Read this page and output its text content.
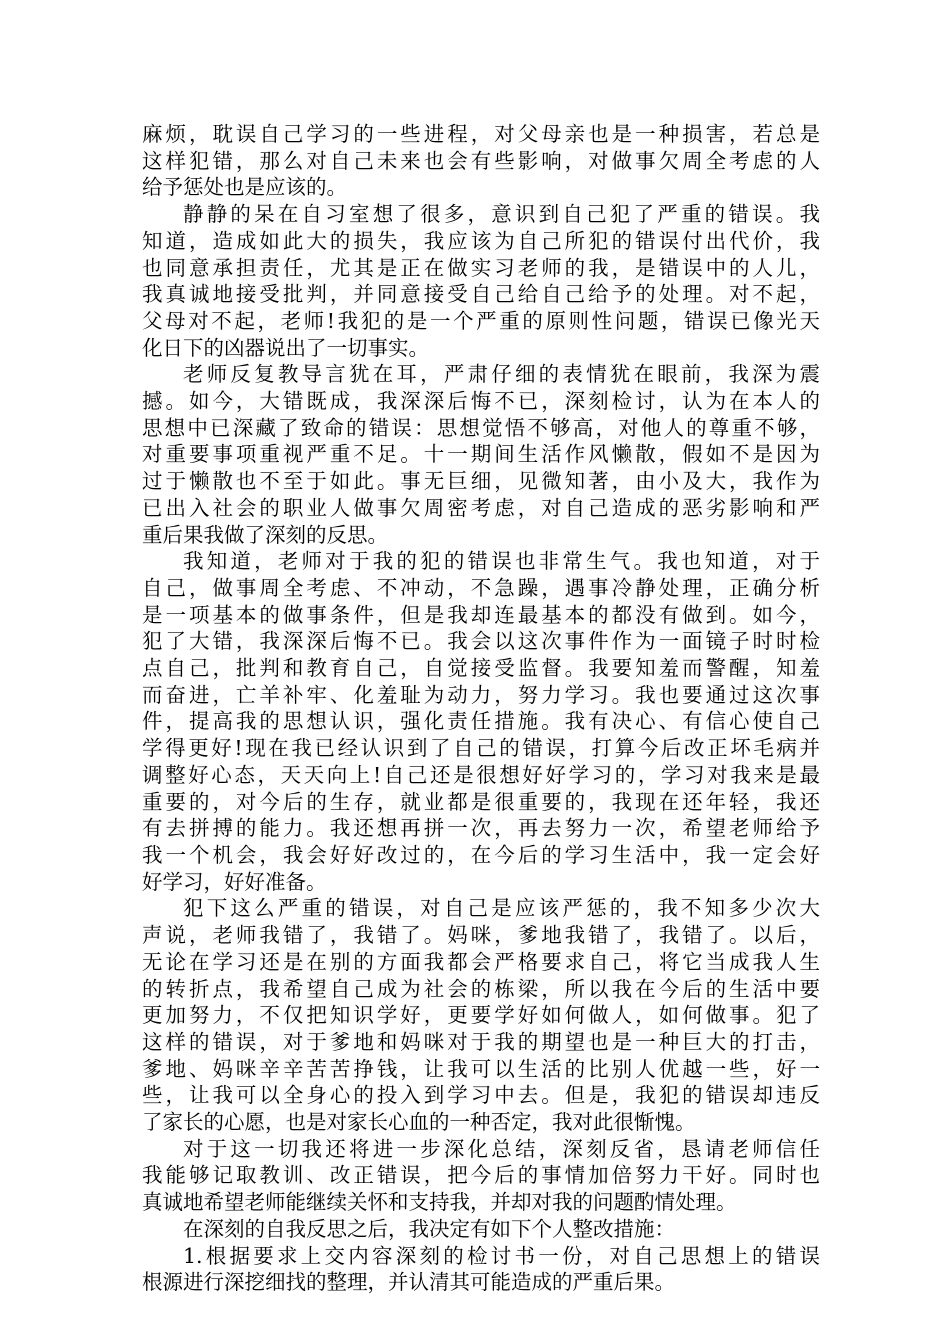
麻烦，耽误自己学习的一些进程，对父母亲也是一种损害，若总是
这样犯错，那么对自己未来也会有些影响，对做事欠周全考虑的人
给予惩处也是应该的。
静静的呆在自习室想了很多，意识到自己犯了严重的错误。我
知道，造成如此大的损失，我应该为自己所犯的错误付出代价，我
也同意承担责任，尤其是正在做实习老师的我，是错误中的人儿，
我真诚地接受批判，并同意接受自己给自己给予的处理。对不起，
父母对不起，老师!我犯的是一个严重的原则性问题，错误已像光天
化日下的凶器说出了一切事实。
老师反复教导言犹在耳，严肃仔细的表情犹在眼前，我深为震
撼。如今，大错既成，我深深后悔不已，深刻检讨，认为在本人的
思想中已深藏了致命的错误：思想觉悟不够高，对他人的尊重不够，
对重要事项重视严重不足。十一期间生活作风懒散，假如不是因为
过于懒散也不至于如此。事无巨细，见微知著，由小及大，我作为
已出入社会的职业人做事欠周密考虑，对自己造成的恶劣影响和严
重后果我做了深刻的反思。
我知道，老师对于我的犯的错误也非常生气。我也知道，对于
自己，做事周全考虑、不冲动，不急躁，遇事冷静处理，正确分析
是一项基本的做事条件，但是我却连最基本的都没有做到。如今，
犯了大错，我深深后悔不已。我会以这次事件作为一面镜子时时检
点自己，批判和教育自己，自觉接受监督。我要知羞而警醒，知羞
而奋进，亡羊补牢、化羞耻为动力，努力学习。我也要通过这次事
件，提高我的思想认识，强化责任措施。我有决心、有信心使自己
学得更好!现在我已经认识到了自己的错误，打算今后改正坏毛病并
调整好心态，天天向上!自己还是很想好好学习的，学习对我来是最
重要的，对今后的生存，就业都是很重要的，我现在还年轻，我还
有去拼搏的能力。我还想再拼一次，再去努力一次，希望老师给予
我一个机会，我会好好改过的，在今后的学习生活中，我一定会好
好学习，好好准备。
犯下这么严重的错误，对自己是应该严惩的，我不知多少次大
声说，老师我错了，我错了。妈咪，爹地我错了，我错了。以后，
无论在学习还是在别的方面我都会严格要求自己，将它当成我人生
的转折点，我希望自己成为社会的栋梁，所以我在今后的生活中要
更加努力，不仅把知识学好，更要学好如何做人，如何做事。犯了
这样的错误，对于爹地和妈咪对于我的期望也是一种巨大的打击，
爹地、妈咪辛辛苦苦挣钱，让我可以生活的比别人优越一些，好一
些，让我可以全身心的投入到学习中去。但是，我犯的错误却违反
了家长的心愿，也是对家长心血的一种否定，我对此很惭愧。
对于这一切我还将进一步深化总结，深刻反省，恳请老师信任
我能够记取教训、改正错误，把今后的事情加倍努力干好。同时也
真诚地希望老师能继续关怀和支持我，并却对我的问题酌情处理。
在深刻的自我反思之后，我决定有如下个人整改措施：
1.根据要求上交内容深刻的检讨书一份，对自己思想上的错误
根源进行深挖细找的整理，并认清其可能造成的严重后果。
